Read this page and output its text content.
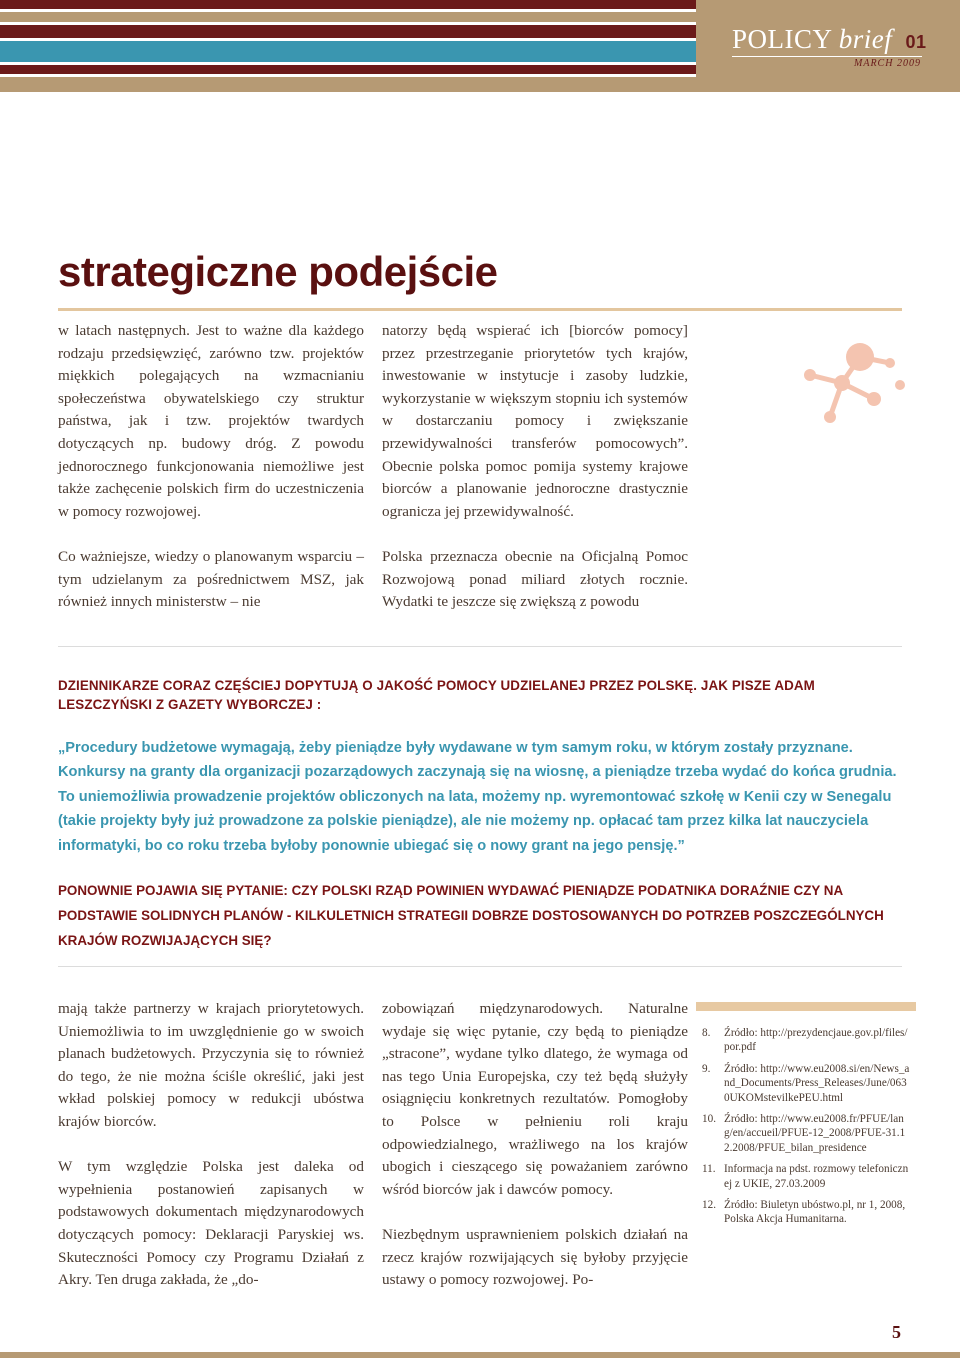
POLICY brief 01
MARCH 2009
strategiczne podejście

w latach następnych. Jest to ważne dla każdego rodzaju przedsięwzięć, zarówno tzw. projektów miękkich polegających na wzmacnianiu społeczeństwa obywatelskiego czy struktur państwa, jak i tzw. projektów twardych dotyczących np. budowy dróg. Z powodu jednorocznego funkcjonowania niemożliwe jest także zachęcenie polskich firm do uczestniczenia w pomocy rozwojowej.

Co ważniejsze, wiedzy o planowanym wsparciu – tym udzielanym za pośrednictwem MSZ, jak również innych ministerstw – nie

natorzy będą wspierać ich [biorców pomocy] przez przestrzeganie priorytetów tych krajów, inwestowanie w instytucje i zasoby ludzkie, wykorzystanie w większym stopniu ich systemów w dostarczaniu pomocy i zwiększanie przewidywalności transferów pomocowych”. Obecnie polska pomoc pomija systemy krajowe biorców a planowanie jednoroczne drastycznie ogranicza jej przewidywalność.

Polska przeznacza obecnie na Oficjalną Pomoc Rozwojową ponad miliard złotych rocznie. Wydatki te jeszcze się zwiększą z powodu

DZIENNIKARZE CORAZ CZĘŚCIEJ DOPYTUJĄ O JAKOŚĆ POMOCY UDZIELANEJ PRZEZ POLSKĘ. JAK PISZE ADAM LESZCZYŃSKI Z GAZETY WYBORCZEJ :
„Procedury budżetowe wymagają, żeby pieniądze były wydawane w tym samym roku, w którym zostały przyznane. Konkursy na granty dla organizacji pozarządowych zaczynają się na wiosnę, a pieniądze trzeba wydać do końca grudnia. To uniemożliwia prowadzenie projektów obliczonych na lata, możemy np. wyremontować szkołę w Kenii czy w Senegalu (takie projekty były już prowadzone za polskie pieniądze), ale nie możemy np. opłacać tam przez kilka lat nauczyciela informatyki, bo co roku trzeba byłoby ponownie ubiegać się o nowy grant na jego pensję.”
PONOWNIE POJAWIA SIĘ PYTANIE: CZY POLSKI RZĄD POWINIEN WYDAWAĆ PIENIĄDZE PODATNIKA DORAŹNIE CZY NA PODSTAWIE SOLIDNYCH PLANÓW - KILKULETNICH STRATEGII DOBRZE DOSTOSOWANYCH DO POTRZEB POSZCZEGÓLNYCH KRAJÓW ROZWIJAJĄCYCH SIĘ?

mają także partnerzy w krajach priorytetowych. Uniemożliwia to im uwzględnienie go w swoich planach budżetowych. Przyczynia się to również do tego, że nie można ściśle określić, jaki jest wkład polskiej pomocy w redukcji ubóstwa krajów biorców.

W tym względzie Polska jest daleka od wypełnienia postanowień zapisanych w podstawowych dokumentach międzynarodowych dotyczących pomocy: Deklaracji Paryskiej ws. Skuteczności Pomocy czy Programu Działań z Akry. Ten druga zakłada, że „do-

zobowiązań międzynarodowych. Naturalne wydaje się więc pytanie, czy będą to pieniądze „stracone”, wydane tylko dlatego, że wymaga od nas tego Unia Europejska, czy też będą służyły osiągnięciu konkretnych rezultatów. Pomogłoby to Polsce w pełnieniu roli kraju odpowiedzialnego, wrażliwego na los krajów ubogich i cieszącego się poważaniem zarówno wśród biorców jak i dawców pomocy.

Niezbędnym usprawnieniem polskich działań na rzecz krajów rozwijających się byłoby przyjęcie ustawy o pomocy rozwojowej. Po-

8.	Źródło: http://prezydencjaue.gov.pl/files/por.pdf
9.	Źródło: http://www.eu2008.si/en/News_and_Documents/Press_Releases/June/0630UKOMstevilkePEU.html
10. Źródło: http://www.eu2008.fr/PFUE/lang/en/accueil/PFUE-12_2008/PFUE-31.12.2008/PFUE_bilan_presidence
11. Informacja na pdst. rozmowy telefonicznej z UKIE, 27.03.2009
12. Źródło: Biuletyn ubóstwo.pl, nr 1, 2008, Polska Akcja Humanitarna.
5
